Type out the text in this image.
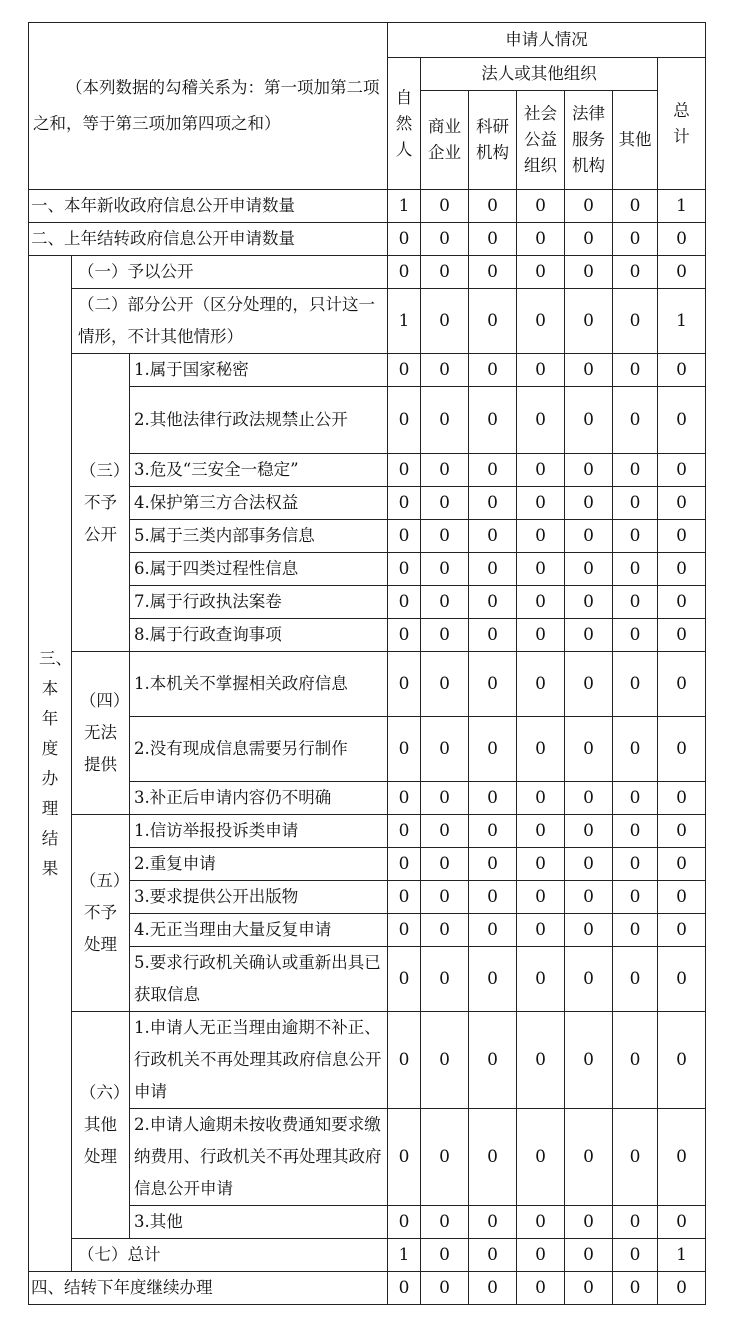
（本列数据的勾稽关系为：第一项加第二项之和，等于第三项加第四项之和）			申请人情况						
			自然人	法人或其他组织					总计
				商业企业	科研机构	社会公益组织	法律服务机构	其他	
一、本年新收政府信息公开申请数量			1	0	0	0	0	0	1
二、上年结转政府信息公开申请数量			0	0	0	0	0	0	0
三、本年度办理结果	（一）予以公开		0	0	0	0	0	0	0
	（二）部分公开（区分处理的，只计这一情形，不计其他情形）		1	0	0	0	0	0	1
	（三）不予公开	1.属于国家秘密	0	0	0	0	0	0	0
		2.其他法律行政法规禁止公开	0	0	0	0	0	0	0
		3.危及“三安全一稳定”	0	0	0	0	0	0	0
		4.保护第三方合法权益	0	0	0	0	0	0	0
		5.属于三类内部事务信息	0	0	0	0	0	0	0
		6.属于四类过程性信息	0	0	0	0	0	0	0
		7.属于行政执法案卷	0	0	0	0	0	0	0
		8.属于行政查询事项	0	0	0	0	0	0	0
	（四）无法提供	1.本机关不掌握相关政府信息	0	0	0	0	0	0	0
		2.没有现成信息需要另行制作	0	0	0	0	0	0	0
		3.补正后申请内容仍不明确	0	0	0	0	0	0	0
	（五）不予处理	1.信访举报投诉类申请	0	0	0	0	0	0	0
		2.重复申请	0	0	0	0	0	0	0
		3.要求提供公开出版物	0	0	0	0	0	0	0
		4.无正当理由大量反复申请	0	0	0	0	0	0	0
		5.要求行政机关确认或重新出具已获取信息	0	0	0	0	0	0	0
	（六）其他处理	1.申请人无正当理由逾期不补正、行政机关不再处理其政府信息公开申请	0	0	0	0	0	0	0
		2.申请人逾期未按收费通知要求缴纳费用、行政机关不再处理其政府信息公开申请	0	0	0	0	0	0	0
		3.其他	0	0	0	0	0	0	0
	（七）总计		1	0	0	0	0	0	1
四、结转下年度继续办理			0	0	0	0	0	0	0
